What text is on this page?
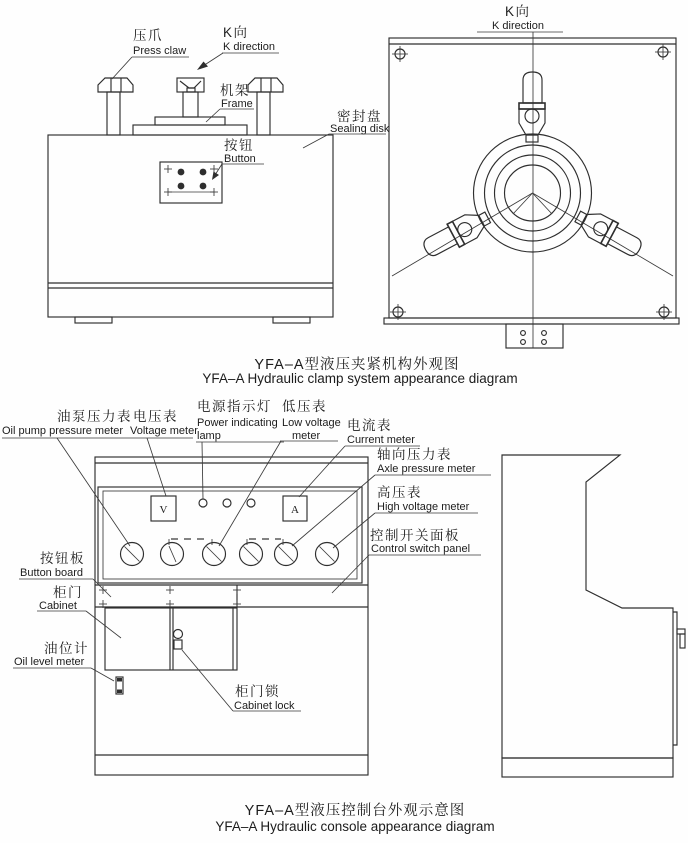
压爪
Press claw
K向
K direction
机架
Frame
密封盘
Sealing disk
按钮
Button
K向
K direction
YFA–A型液压夹紧机构外观图
YFA–A Hydraulic clamp system appearance diagram
V	A
油泵压力表
Oil pump pressure meter
电压表
Voltage meter
电源指示灯
Power indicating
lamp
低压表
Low voltage
meter
电流表
Current meter
轴向压力表
Axle pressure meter
高压表
High voltage meter
控制开关面板
Control switch panel
按钮板
Button board
柜门
Cabinet
油位计
Oil level meter
柜门锁
Cabinet lock
YFA–A型液压控制台外观示意图
YFA–A Hydraulic console appearance diagram
